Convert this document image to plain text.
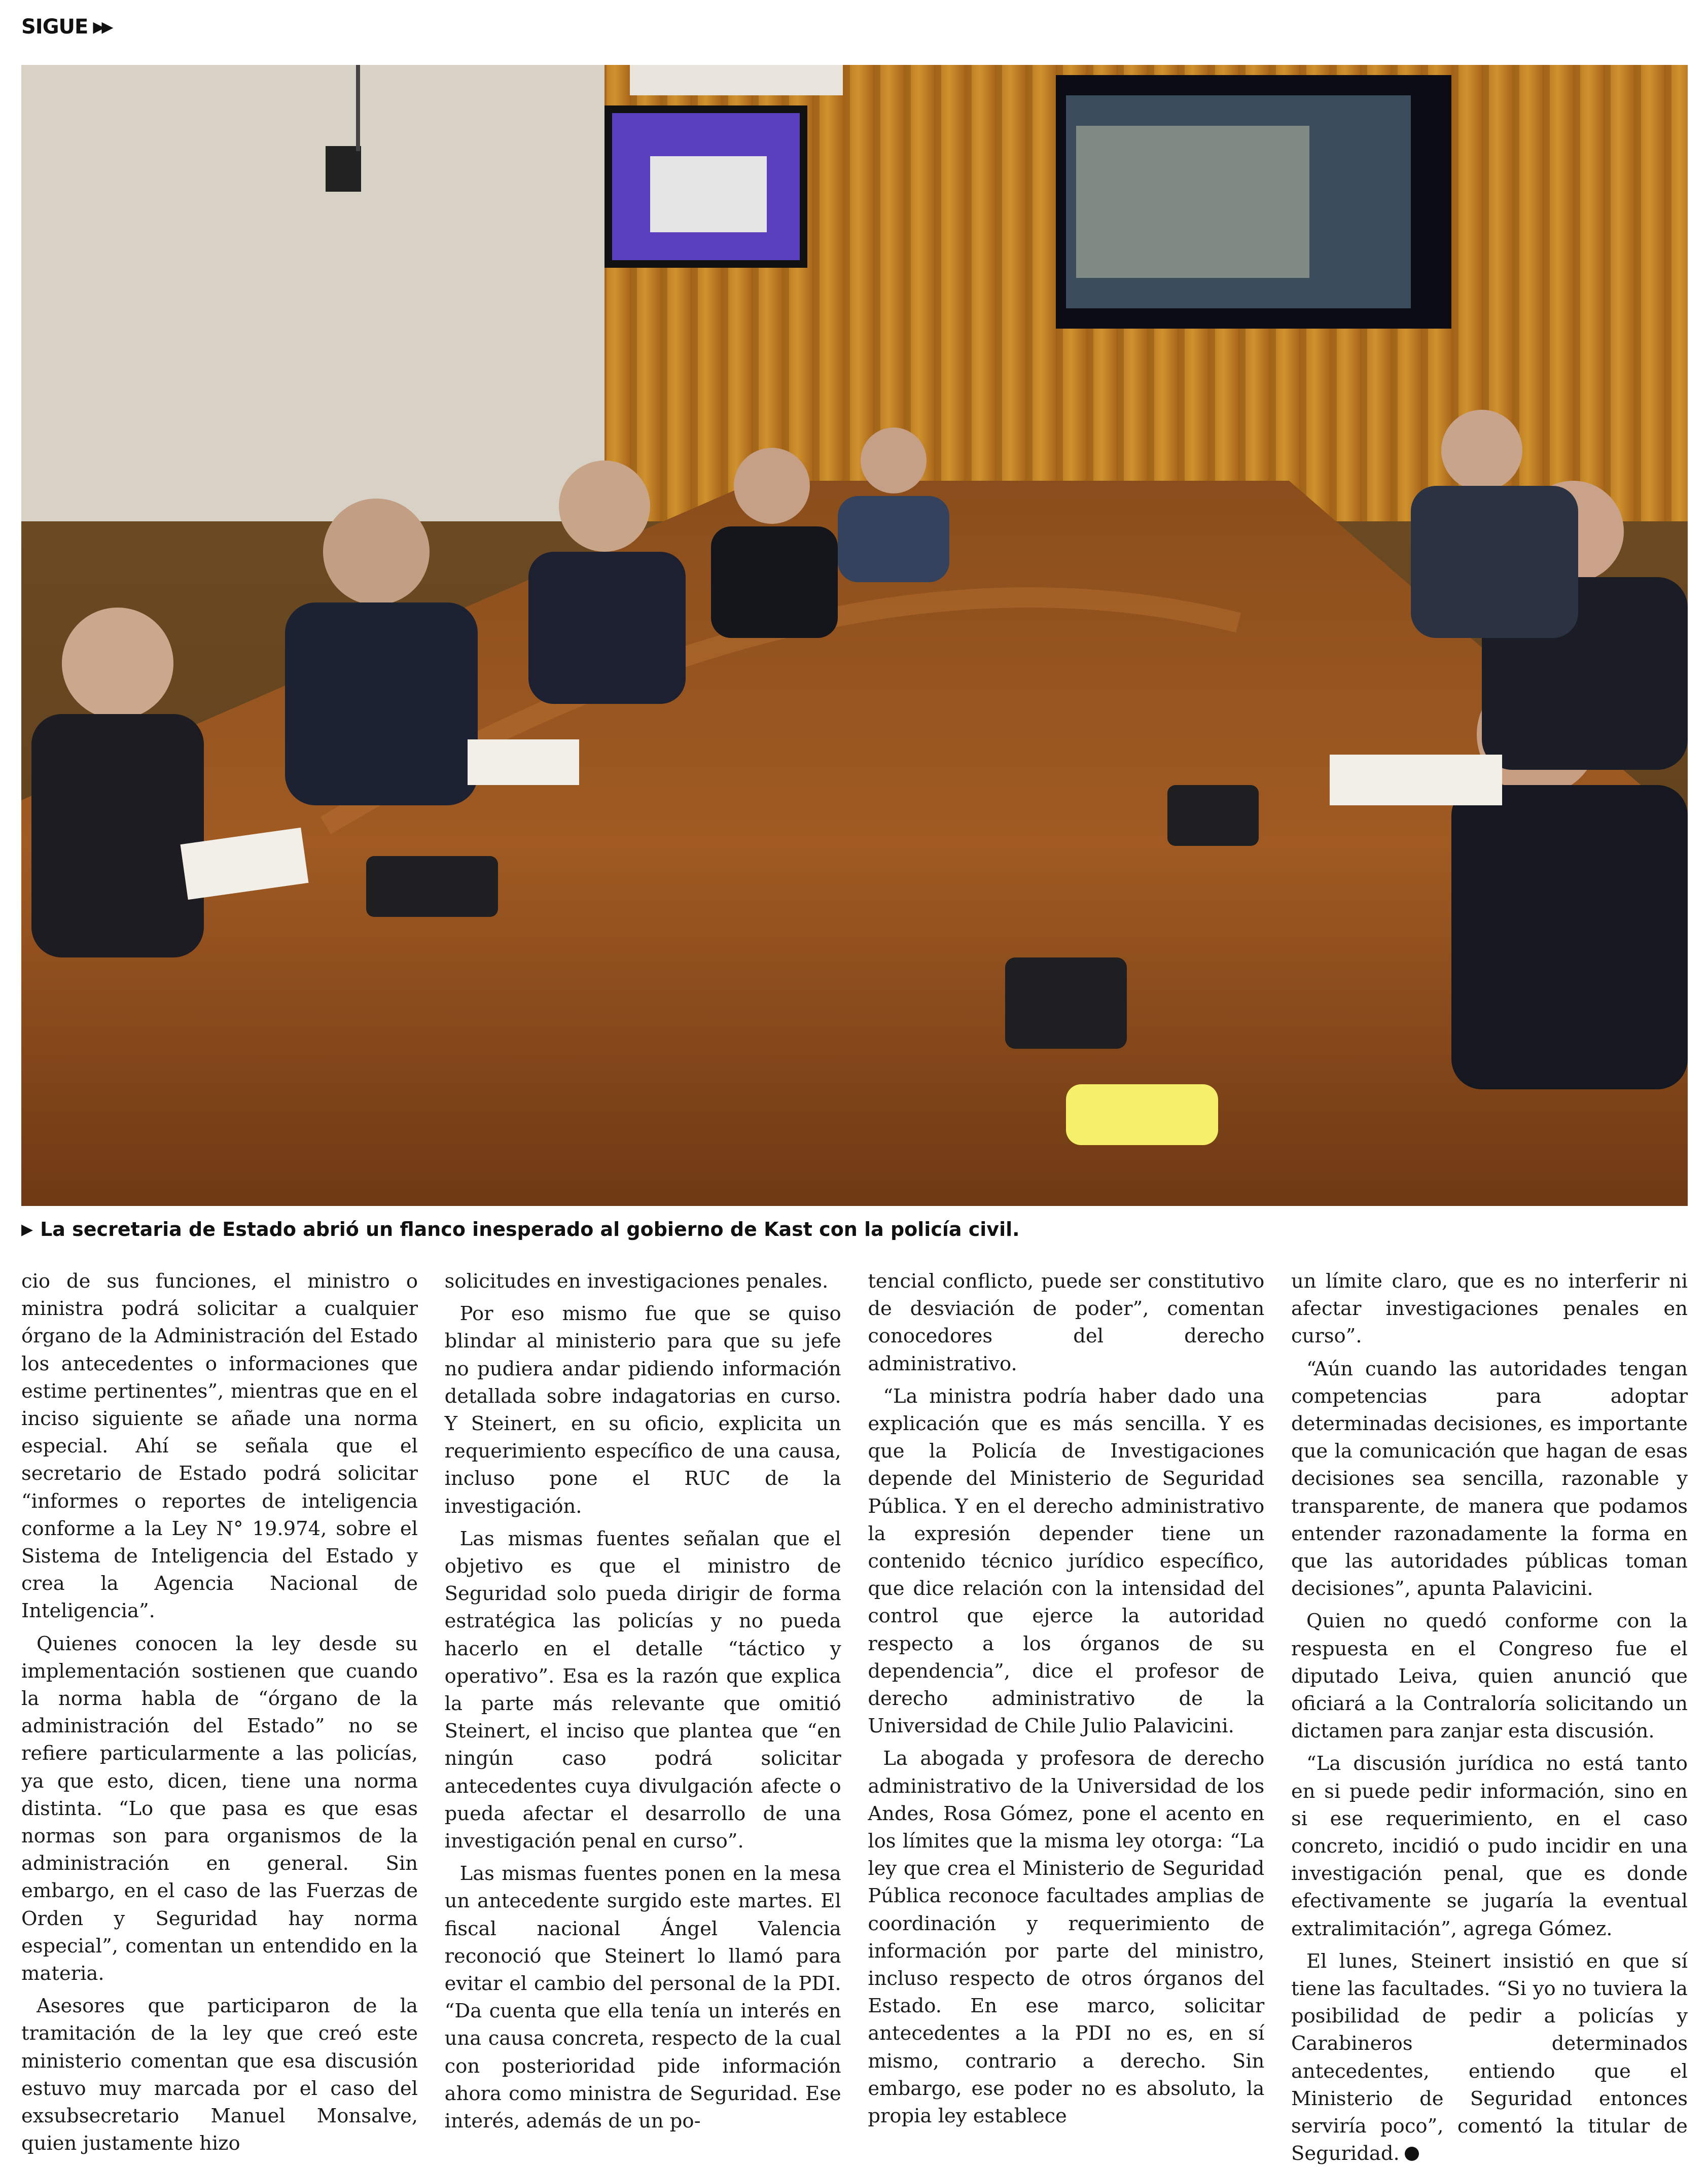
SIGUE ▶▶
▶ La secretaria de Estado abrió un flanco inesperado al gobierno de Kast con la policía civil.

cio de sus funciones, el ministro o ministra podrá solicitar a cualquier órgano de la Administración del Estado los antecedentes o informaciones que estime pertinentes”, mientras que en el inciso siguiente se añade una norma especial. Ahí se señala que el secretario de Estado podrá solicitar “informes o reportes de inteligencia conforme a la Ley N° 19.974, sobre el Sistema de Inteligencia del Estado y crea la Agencia Nacional de Inteligencia”.

Quienes conocen la ley desde su implementación sostienen que cuando la norma habla de “órgano de la administración del Estado” no se refiere particularmente a las policías, ya que esto, dicen, tiene una norma distinta. “Lo que pasa es que esas normas son para organismos de la administración en general. Sin embargo, en el caso de las Fuerzas de Orden y Seguridad hay norma especial”, comentan un entendido en la materia.

Asesores que participaron de la tramitación de la ley que creó este ministerio comentan que esa discusión estuvo muy marcada por el caso del exsubsecretario Manuel Monsalve, quien justamente hizo

solicitudes en investigaciones penales.

Por eso mismo fue que se quiso blindar al ministerio para que su jefe no pudiera andar pidiendo información detallada sobre indagatorias en curso. Y Steinert, en su oficio, explicita un requerimiento específico de una causa, incluso pone el RUC de la investigación.

Las mismas fuentes señalan que el objetivo es que el ministro de Seguridad solo pueda dirigir de forma estratégica las policías y no pueda hacerlo en el detalle “táctico y operativo”. Esa es la razón que explica la parte más relevante que omitió Steinert, el inciso que plantea que “en ningún caso podrá solicitar antecedentes cuya divulgación afecte o pueda afectar el desarrollo de una investigación penal en curso”.

Las mismas fuentes ponen en la mesa un antecedente surgido este martes. El fiscal nacional Ángel Valencia reconoció que Steinert lo llamó para evitar el cambio del personal de la PDI. “Da cuenta que ella tenía un interés en una causa concreta, respecto de la cual con posterioridad pide información ahora como ministra de Seguridad. Ese interés, además de un po-

tencial conflicto, puede ser constitutivo de desviación de poder”, comentan conocedores del derecho administrativo.

“La ministra podría haber dado una explicación que es más sencilla. Y es que la Policía de Investigaciones depende del Ministerio de Seguridad Pública. Y en el derecho administrativo la expresión depender tiene un contenido técnico jurídico específico, que dice relación con la intensidad del control que ejerce la autoridad respecto a los órganos de su dependencia”, dice el profesor de derecho administrativo de la Universidad de Chile Julio Palavicini.

La abogada y profesora de derecho administrativo de la Universidad de los Andes, Rosa Gómez, pone el acento en los límites que la misma ley otorga: “La ley que crea el Ministerio de Seguridad Pública reconoce facultades amplias de coordinación y requerimiento de información por parte del ministro, incluso respecto de otros órganos del Estado. En ese marco, solicitar antecedentes a la PDI no es, en sí mismo, contrario a derecho. Sin embargo, ese poder no es absoluto, la propia ley establece

un límite claro, que es no interferir ni afectar investigaciones penales en curso”.

“Aún cuando las autoridades tengan competencias para adoptar determinadas decisiones, es importante que la comunicación que hagan de esas decisiones sea sencilla, razonable y transparente, de manera que podamos entender razonadamente la forma en que las autoridades públicas toman decisiones”, apunta Palavicini.

Quien no quedó conforme con la respuesta en el Congreso fue el diputado Leiva, quien anunció que oficiará a la Contraloría solicitando un dictamen para zanjar esta discusión.

“La discusión jurídica no está tanto en si puede pedir información, sino en si ese requerimiento, en el caso concreto, incidió o pudo incidir en una investigación penal, que es donde efectivamente se jugaría la eventual extralimitación”, agrega Gómez.

El lunes, Steinert insistió en que sí tiene las facultades. “Si yo no tuviera la posibilidad de pedir a policías y Carabineros determinados antecedentes, entiendo que el Ministerio de Seguridad entonces serviría poco”, comentó la titular de Seguridad.
